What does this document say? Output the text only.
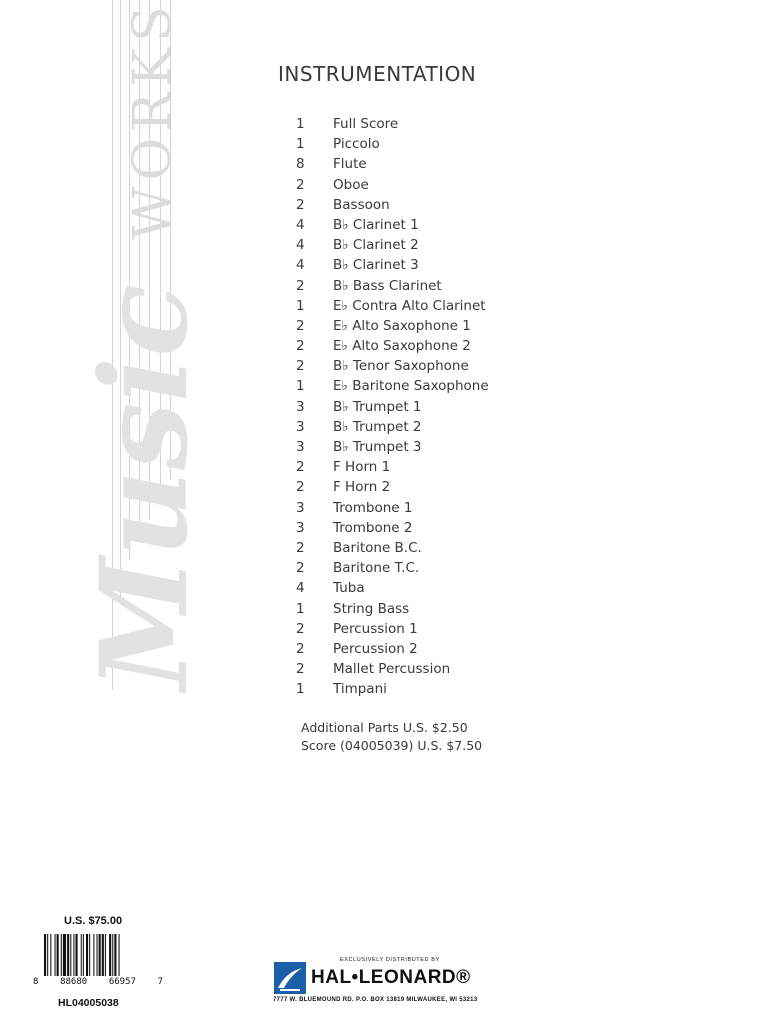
WORKS
Music
INSTRUMENTATION
1 Full Score
1 Piccolo
8 Flute
2 Oboe
2 Bassoon
4 B♭ Clarinet 1
4 B♭ Clarinet 2
4 B♭ Clarinet 3
2 B♭ Bass Clarinet
1 E♭ Contra Alto Clarinet
2 E♭ Alto Saxophone 1
2 E♭ Alto Saxophone 2
2 B♭ Tenor Saxophone
1 E♭ Baritone Saxophone
3 B♭ Trumpet 1
3 B♭ Trumpet 2
3 B♭ Trumpet 3
2 F Horn 1
2 F Horn 2
3 Trombone 1
3 Trombone 2
2 Baritone B.C.
2 Baritone T.C.
4 Tuba
1 String Bass
2 Percussion 1
2 Percussion 2
2 Mallet Percussion
1 Timpani
Additional Parts U.S. $2.50
Score (04005039) U.S. $7.50
U.S. $75.00
8 88680 66957 7
HL04005038
EXCLUSIVELY DISTRIBUTED BY
HAL•LEONARD®
7777 W. BLUEMOUND RD. P.O. BOX 13819 MILWAUKEE, WI 53213
